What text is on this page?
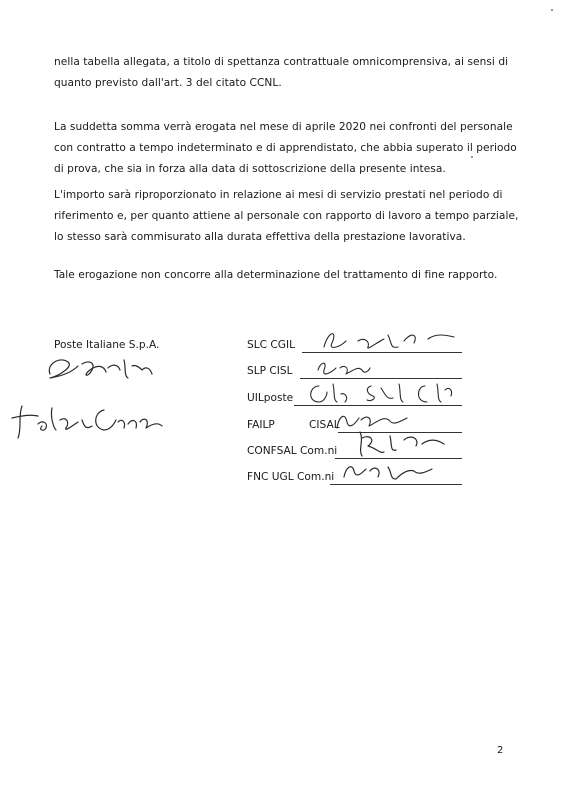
nella tabella allegata, a titolo di spettanza contrattuale omnicomprensiva, ai sensi di quanto previsto dall'art. 3 del citato CCNL.

La suddetta somma verrà erogata nel mese di aprile 2020 nei confronti del personale con contratto a tempo indeterminato e di apprendistato, che abbia superato il periodo di prova, che sia in forza alla data di sottoscrizione della presente intesa.

L'importo sarà riproporzionato in relazione ai mesi di servizio prestati nel periodo di riferimento e, per quanto attiene al personale con rapporto di lavoro a tempo parziale, lo stesso sarà commisurato alla durata effettiva della prestazione lavorativa.

Tale erogazione non concorre alla determinazione del trattamento di fine rapporto.

Poste Italiane S.p.A.	SLC CGIL
SLP CISL
UILposte
FAILP	CISAL
CONFSAL Com.ni
FNC UGL Com.ni
2
